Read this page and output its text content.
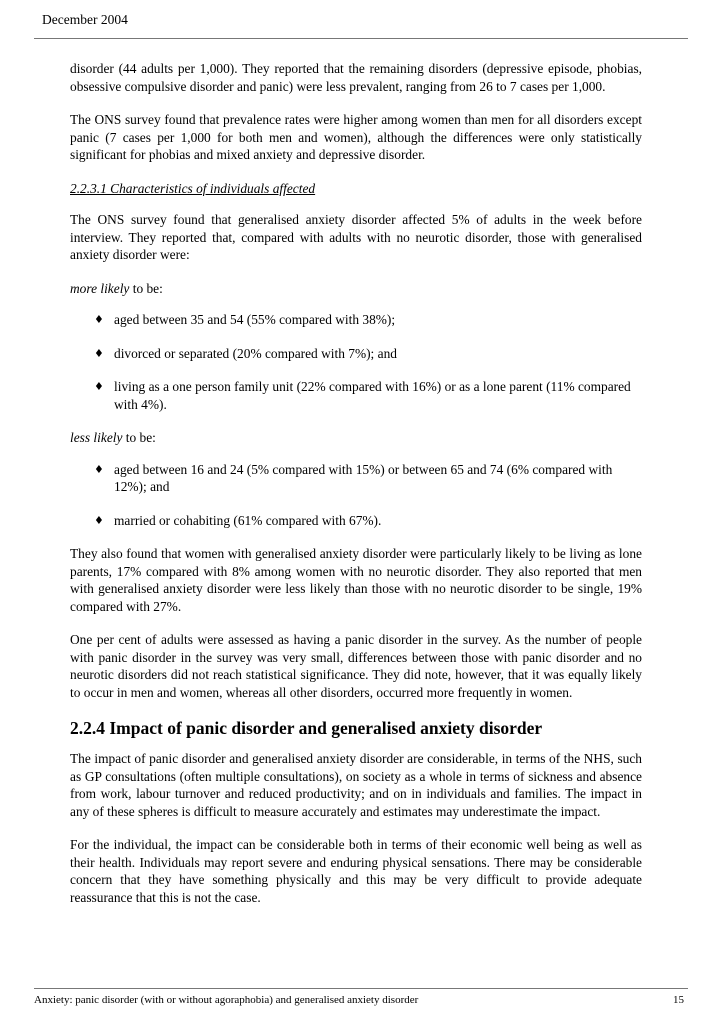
December 2004

disorder (44 adults per 1,000). They reported that the remaining disorders (depressive episode, phobias, obsessive compulsive disorder and panic) were less prevalent, ranging from 26 to 7 cases per 1,000.

The ONS survey found that prevalence rates were higher among women than men for all disorders except panic (7 cases per 1,000 for both men and women), although the differences were only statistically significant for phobias and mixed anxiety and depressive disorder.

2.2.3.1 Characteristics of individuals affected

The ONS survey found that generalised anxiety disorder affected 5% of adults in the week before interview. They reported that, compared with adults with no neurotic disorder, those with generalised anxiety disorder were:

more likely to be:

♦ aged between 35 and 54 (55% compared with 38%);
♦ divorced or separated (20% compared with 7%); and
♦ living as a one person family unit (22% compared with 16%) or as a lone parent (11% compared with 4%).

less likely to be:

♦ aged between 16 and 24 (5% compared with 15%) or between 65 and 74 (6% compared with 12%); and
♦ married or cohabiting (61% compared with 67%).

They also found that women with generalised anxiety disorder were particularly likely to be living as lone parents, 17% compared with 8% among women with no neurotic disorder. They also reported that men with generalised anxiety disorder were less likely than those with no neurotic disorder to be single, 19% compared with 27%.

One per cent of adults were assessed as having a panic disorder in the survey. As the number of people with panic disorder in the survey was very small, differences between those with panic disorder and no neurotic disorders did not reach statistical significance. They did note, however, that it was equally likely to occur in men and women, whereas all other disorders, occurred more frequently in women.

2.2.4 Impact of panic disorder and generalised anxiety disorder

The impact of panic disorder and generalised anxiety disorder are considerable, in terms of the NHS, such as GP consultations (often multiple consultations), on society as a whole in terms of sickness and absence from work, labour turnover and reduced productivity; and on in individuals and families. The impact in any of these spheres is difficult to measure accurately and estimates may underestimate the impact.

For the individual, the impact can be considerable both in terms of their economic well being as well as their health. Individuals may report severe and enduring physical sensations. There may be considerable concern that they have something physically and this may be very difficult to provide adequate reassurance that this is not the case.

Anxiety: panic disorder (with or without agoraphobia) and generalised anxiety disorder	15
